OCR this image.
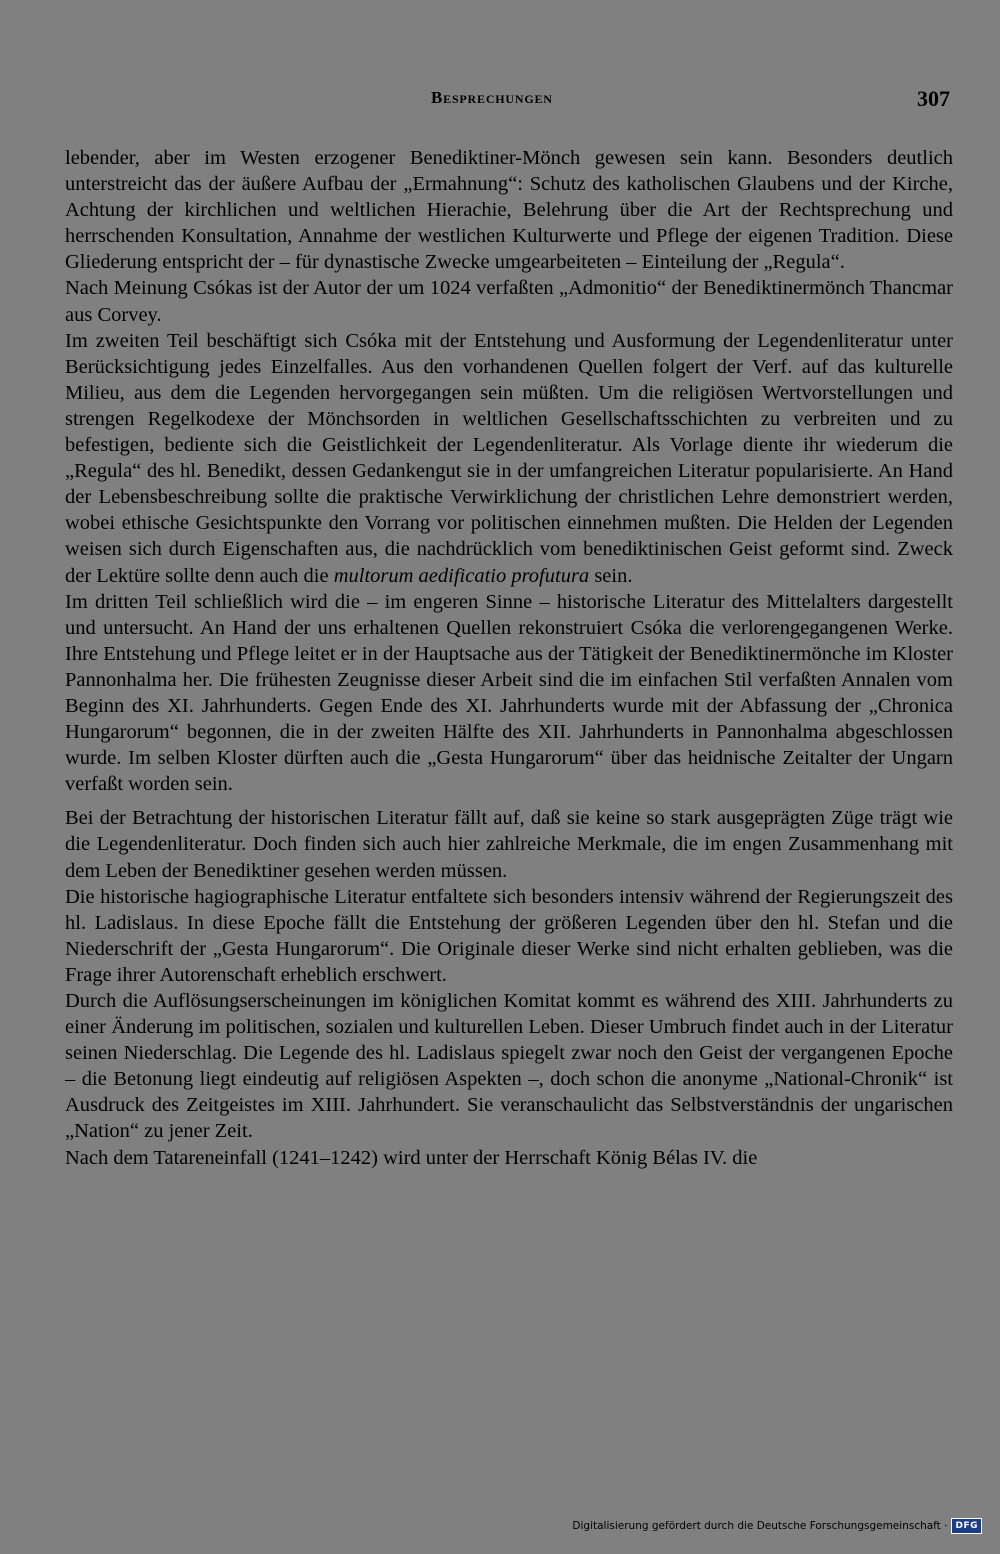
Besprechungen	307

lebender, aber im Westen erzogener Benediktiner-Mönch gewesen sein kann. Besonders deutlich unterstreicht das der äußere Aufbau der „Ermahnung“: Schutz des katholischen Glaubens und der Kirche, Achtung der kirchlichen und weltlichen Hierachie, Belehrung über die Art der Rechtsprechung und herrschenden Konsultation, Annahme der westlichen Kulturwerte und Pflege der eigenen Tradition. Diese Gliederung entspricht der – für dynastische Zwecke umgearbeiteten – Einteilung der „Regula“.

Nach Meinung Csókas ist der Autor der um 1024 verfaßten „Admonitio“ der Benediktinermönch Thancmar aus Corvey.

Im zweiten Teil beschäftigt sich Csóka mit der Entstehung und Ausformung der Legendenliteratur unter Berücksichtigung jedes Einzelfalles. Aus den vorhandenen Quellen folgert der Verf. auf das kulturelle Milieu, aus dem die Legenden hervorgegangen sein müßten. Um die religiösen Wertvorstellungen und strengen Regelkodexe der Mönchsorden in weltlichen Gesellschaftsschichten zu verbreiten und zu befestigen, bediente sich die Geistlichkeit der Legendenliteratur. Als Vorlage diente ihr wiederum die „Regula“ des hl. Benedikt, dessen Gedankengut sie in der umfangreichen Literatur popularisierte. An Hand der Lebensbeschreibung sollte die praktische Verwirklichung der christlichen Lehre demonstriert werden, wobei ethische Gesichtspunkte den Vorrang vor politischen einnehmen mußten. Die Helden der Legenden weisen sich durch Eigenschaften aus, die nachdrücklich vom benediktinischen Geist geformt sind. Zweck der Lektüre sollte denn auch die multorum aedificatio profutura sein.

Im dritten Teil schließlich wird die – im engeren Sinne – historische Literatur des Mittelalters dargestellt und untersucht. An Hand der uns erhaltenen Quellen rekonstruiert Csóka die verlorengegangenen Werke. Ihre Entstehung und Pflege leitet er in der Hauptsache aus der Tätigkeit der Benediktinermönche im Kloster Pannonhalma her. Die frühesten Zeugnisse dieser Arbeit sind die im einfachen Stil verfaßten Annalen vom Beginn des XI. Jahrhunderts. Gegen Ende des XI. Jahrhunderts wurde mit der Abfassung der „Chronica Hungarorum“ begonnen, die in der zweiten Hälfte des XII. Jahrhunderts in Pannonhalma abgeschlossen wurde. Im selben Kloster dürften auch die „Gesta Hungarorum“ über das heidnische Zeitalter der Ungarn verfaßt worden sein.

Bei der Betrachtung der historischen Literatur fällt auf, daß sie keine so stark ausgeprägten Züge trägt wie die Legendenliteratur. Doch finden sich auch hier zahlreiche Merkmale, die im engen Zusammenhang mit dem Leben der Benediktiner gesehen werden müssen.

Die historische hagiographische Literatur entfaltete sich besonders intensiv während der Regierungszeit des hl. Ladislaus. In diese Epoche fällt die Entstehung der größeren Legenden über den hl. Stefan und die Niederschrift der „Gesta Hungarorum“. Die Originale dieser Werke sind nicht erhalten geblieben, was die Frage ihrer Autorenschaft erheblich erschwert.

Durch die Auflösungserscheinungen im königlichen Komitat kommt es während des XIII. Jahrhunderts zu einer Änderung im politischen, sozialen und kulturellen Leben. Dieser Umbruch findet auch in der Literatur seinen Niederschlag. Die Legende des hl. Ladislaus spiegelt zwar noch den Geist der vergangenen Epoche – die Betonung liegt eindeutig auf religiösen Aspekten –, doch schon die anonyme „National-Chronik“ ist Ausdruck des Zeitgeistes im XIII. Jahrhundert. Sie veranschaulicht das Selbstverständnis der ungarischen „Nation“ zu jener Zeit.

Nach dem Tatareneinfall (1241–1242) wird unter der Herrschaft König Bélas IV. die

Digitalisierung gefördert durch die Deutsche Forschungsgemeinschaft · DFG
